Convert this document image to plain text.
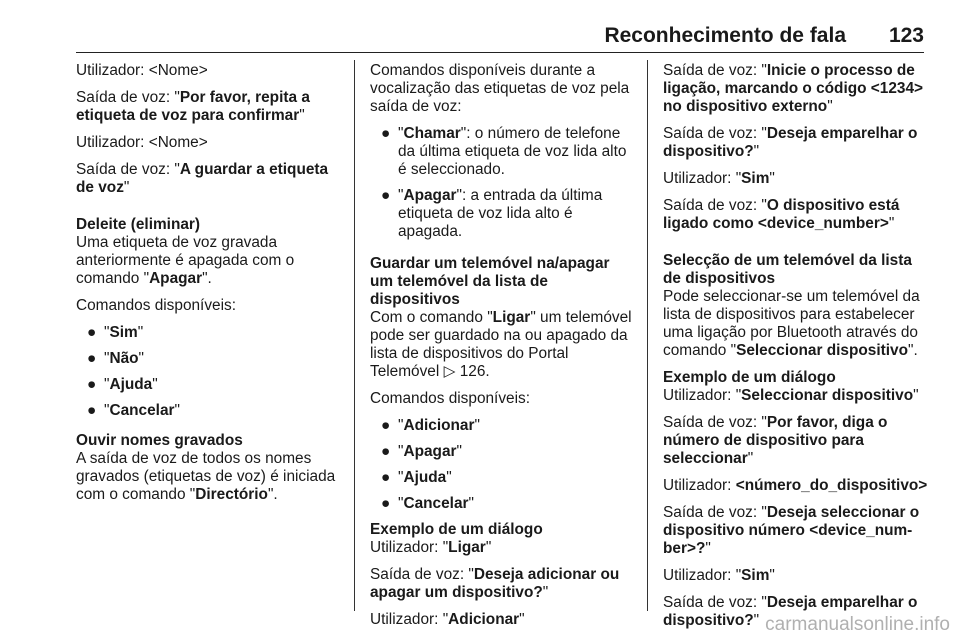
Reconhecimento de fala 123

Utilizador: <Nome>

Saída de voz: "Por favor, repita a etiqueta de voz para confirmar"

Utilizador: <Nome>

Saída de voz: "A guardar a etiqueta de voz"

Deleite (eliminar)

Uma etiqueta de voz gravada anteriormente é apagada com o comando "Apagar".

Comandos disponíveis:

● "Sim"
● "Não"
● "Ajuda"
● "Cancelar"

Ouvir nomes gravados

A saída de voz de todos os nomes gravados (etiquetas de voz) é iniciada com o comando "Directório".

Comandos disponíveis durante a vocalização das etiquetas de voz pela saída de voz:

● "Chamar": o número de telefone da última etiqueta de voz lida alto é seleccionado.
● "Apagar": a entrada da última etiqueta de voz lida alto é apagada.

Guardar um telemóvel na/apagar um telemóvel da lista de dispositivos

Com o comando "Ligar" um telemóvel pode ser guardado na ou apagado da lista de dispositivos do Portal Telemóvel ▷ 126.

Comandos disponíveis:

● "Adicionar"
● "Apagar"
● "Ajuda"
● "Cancelar"

Exemplo de um diálogo

Utilizador: "Ligar"

Saída de voz: "Deseja adicionar ou apagar um dispositivo?"

Utilizador: "Adicionar"

Saída de voz: "Inicie o processo de ligação, marcando o código <1234> no dispositivo externo"

Saída de voz: "Deseja emparelhar o dispositivo?"

Utilizador: "Sim"

Saída de voz: "O dispositivo está ligado como <device_number>"

Selecção de um telemóvel da lista de dispositivos

Pode seleccionar-se um telemóvel da lista de dispositivos para estabelecer uma ligação por Bluetooth através do comando "Seleccionar dispositivo".

Exemplo de um diálogo

Utilizador: "Seleccionar dispositivo"

Saída de voz: "Por favor, diga o número de dispositivo para seleccionar"

Utilizador: <número_do_dispositivo>

Saída de voz: "Deseja seleccionar o dispositivo número <device_num- ber>?"

Utilizador: "Sim"

Saída de voz: "Deseja emparelhar o dispositivo?" carmanualsonline.info
